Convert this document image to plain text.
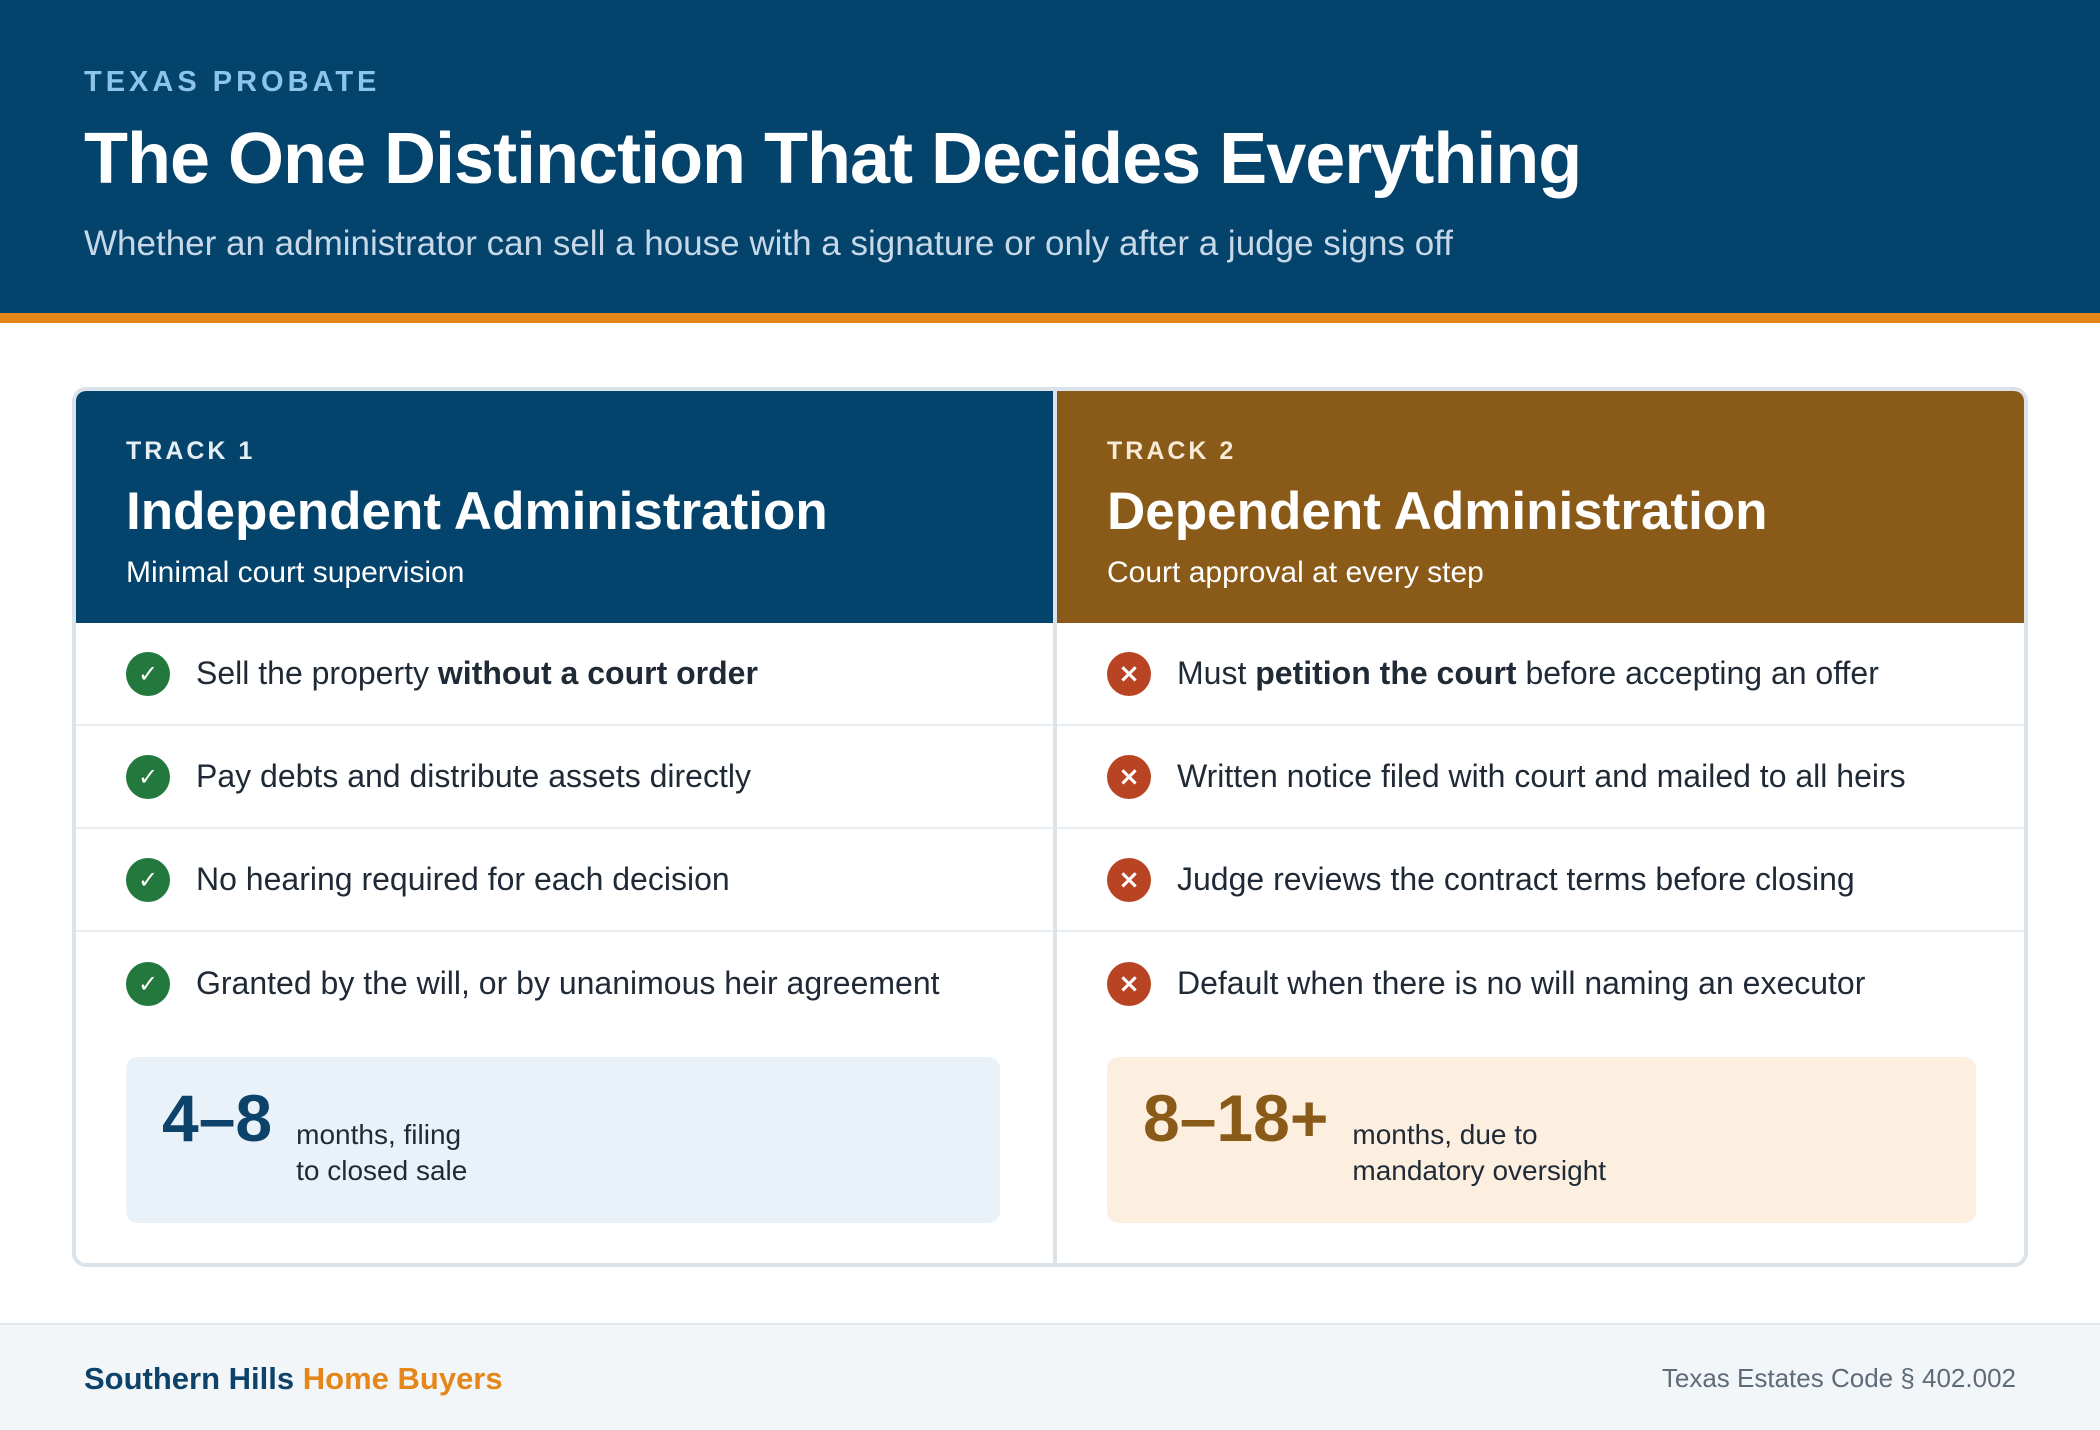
TEXAS PROBATE
The One Distinction That Decides Everything
Whether an administrator can sell a house with a signature or only after a judge signs off
TRACK 1
Independent Administration
Minimal court supervision
✓	Sell the property without a court order
✓	Pay debts and distribute assets directly
✓	No hearing required for each decision
✓	Granted by the will, or by unanimous heir agreement
4–8 months, filing
to closed sale
TRACK 2
Dependent Administration
Court approval at every step
×	Must petition the court before accepting an offer
×	Written notice filed with court and mailed to all heirs
×	Judge reviews the contract terms before closing
×	Default when there is no will naming an executor
8–18+ months, due to
mandatory oversight
Southern Hills Home Buyers	Texas Estates Code § 402.002
